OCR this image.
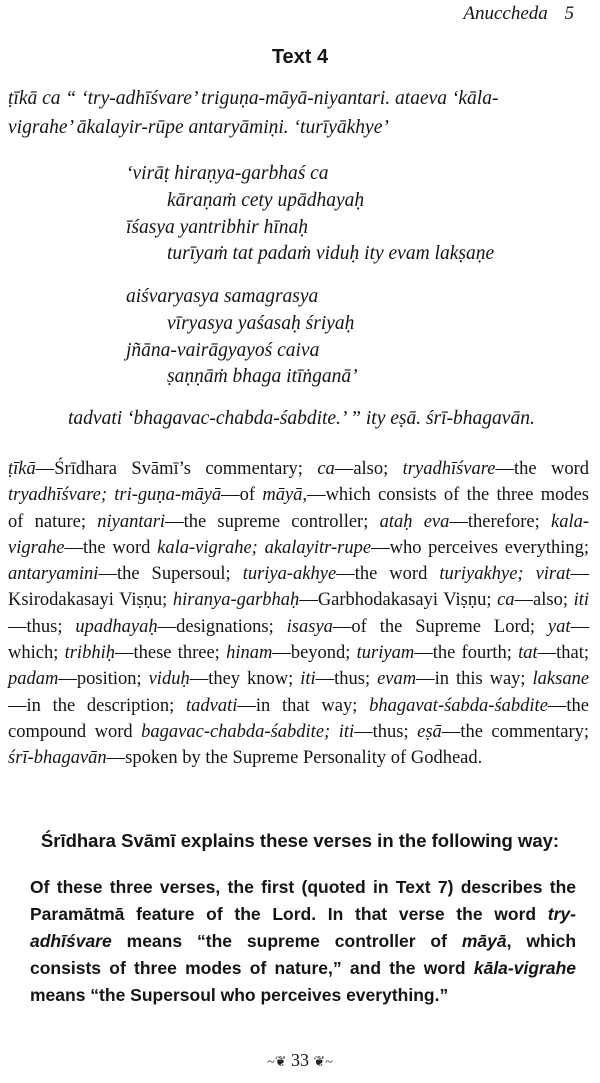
Anuccheda 5
Text 4
ṭīkā ca “ ‘try-adhīśvare’ triguṇa-māyā-niyantari. ataeva ‘kāla-
vigrahe’ ākalayir-rūpe antaryāmiṇi. ‘turīyākhye’
‘virāṭ hiraṇya-garbhaś ca
kāraṇaṁ cety upādhayaḥ
īśasya yantribhir hīnaḥ
turīyaṁ tat padaṁ viduḥ ity evam lakṣaṇe
aiśvaryasya samagrasya
vīryasya yaśasaḥ śriyaḥ
jñāna-vairāgyayoś caiva
ṣaṇṇāṁ bhaga itīṅganā’
tadvati ‘bhagavac-chabda-śabdite.’ ” ity eṣā. śrī-bhagavān.
ṭīkā—Śrīdhara Svāmī’s commentary; ca—also; tryadhīśvare—the word tryadhīśvare; tri-guṇa-māyā—of māyā,—which consists of the three modes of nature; niyantari—the supreme controller; ataḥ eva—therefore; kala-vigrahe—the word kala-vigrahe; akalayitr-rupe—who perceives everything; antaryamini—the Supersoul; turiya-akhye—the word turiyakhye; virat—Ksirodakasayi Viṣṇu; hiranya-garbhaḥ—Garbhodakasayi Viṣṇu; ca—also; iti—thus; upadhayaḥ—designations; isasya—of the Supreme Lord; yat—which; tribhiḥ—these three; hinam—beyond; turiyam—the fourth; tat—that; padam—position; viduḥ—they know; iti—thus; evam—in this way; laksane—in the description; tadvati—in that way; bhagavat-śabda-śabdite—the compound word bagavac-chabda-śabdite; iti—thus; eṣā—the commentary; śrī-bhagavān—spoken by the Supreme Personality of Godhead.
Śrīdhara Svāmī explains these verses in the following way:
Of these three verses, the first (quoted in Text 7) describes the Paramātmā feature of the Lord. In that verse the word try-adhīśvare means “the supreme controller of māyā, which consists of three modes of nature,” and the word kāla-vigrahe means “the Supersoul who perceives everything.”
~❦ 33 ❦~
